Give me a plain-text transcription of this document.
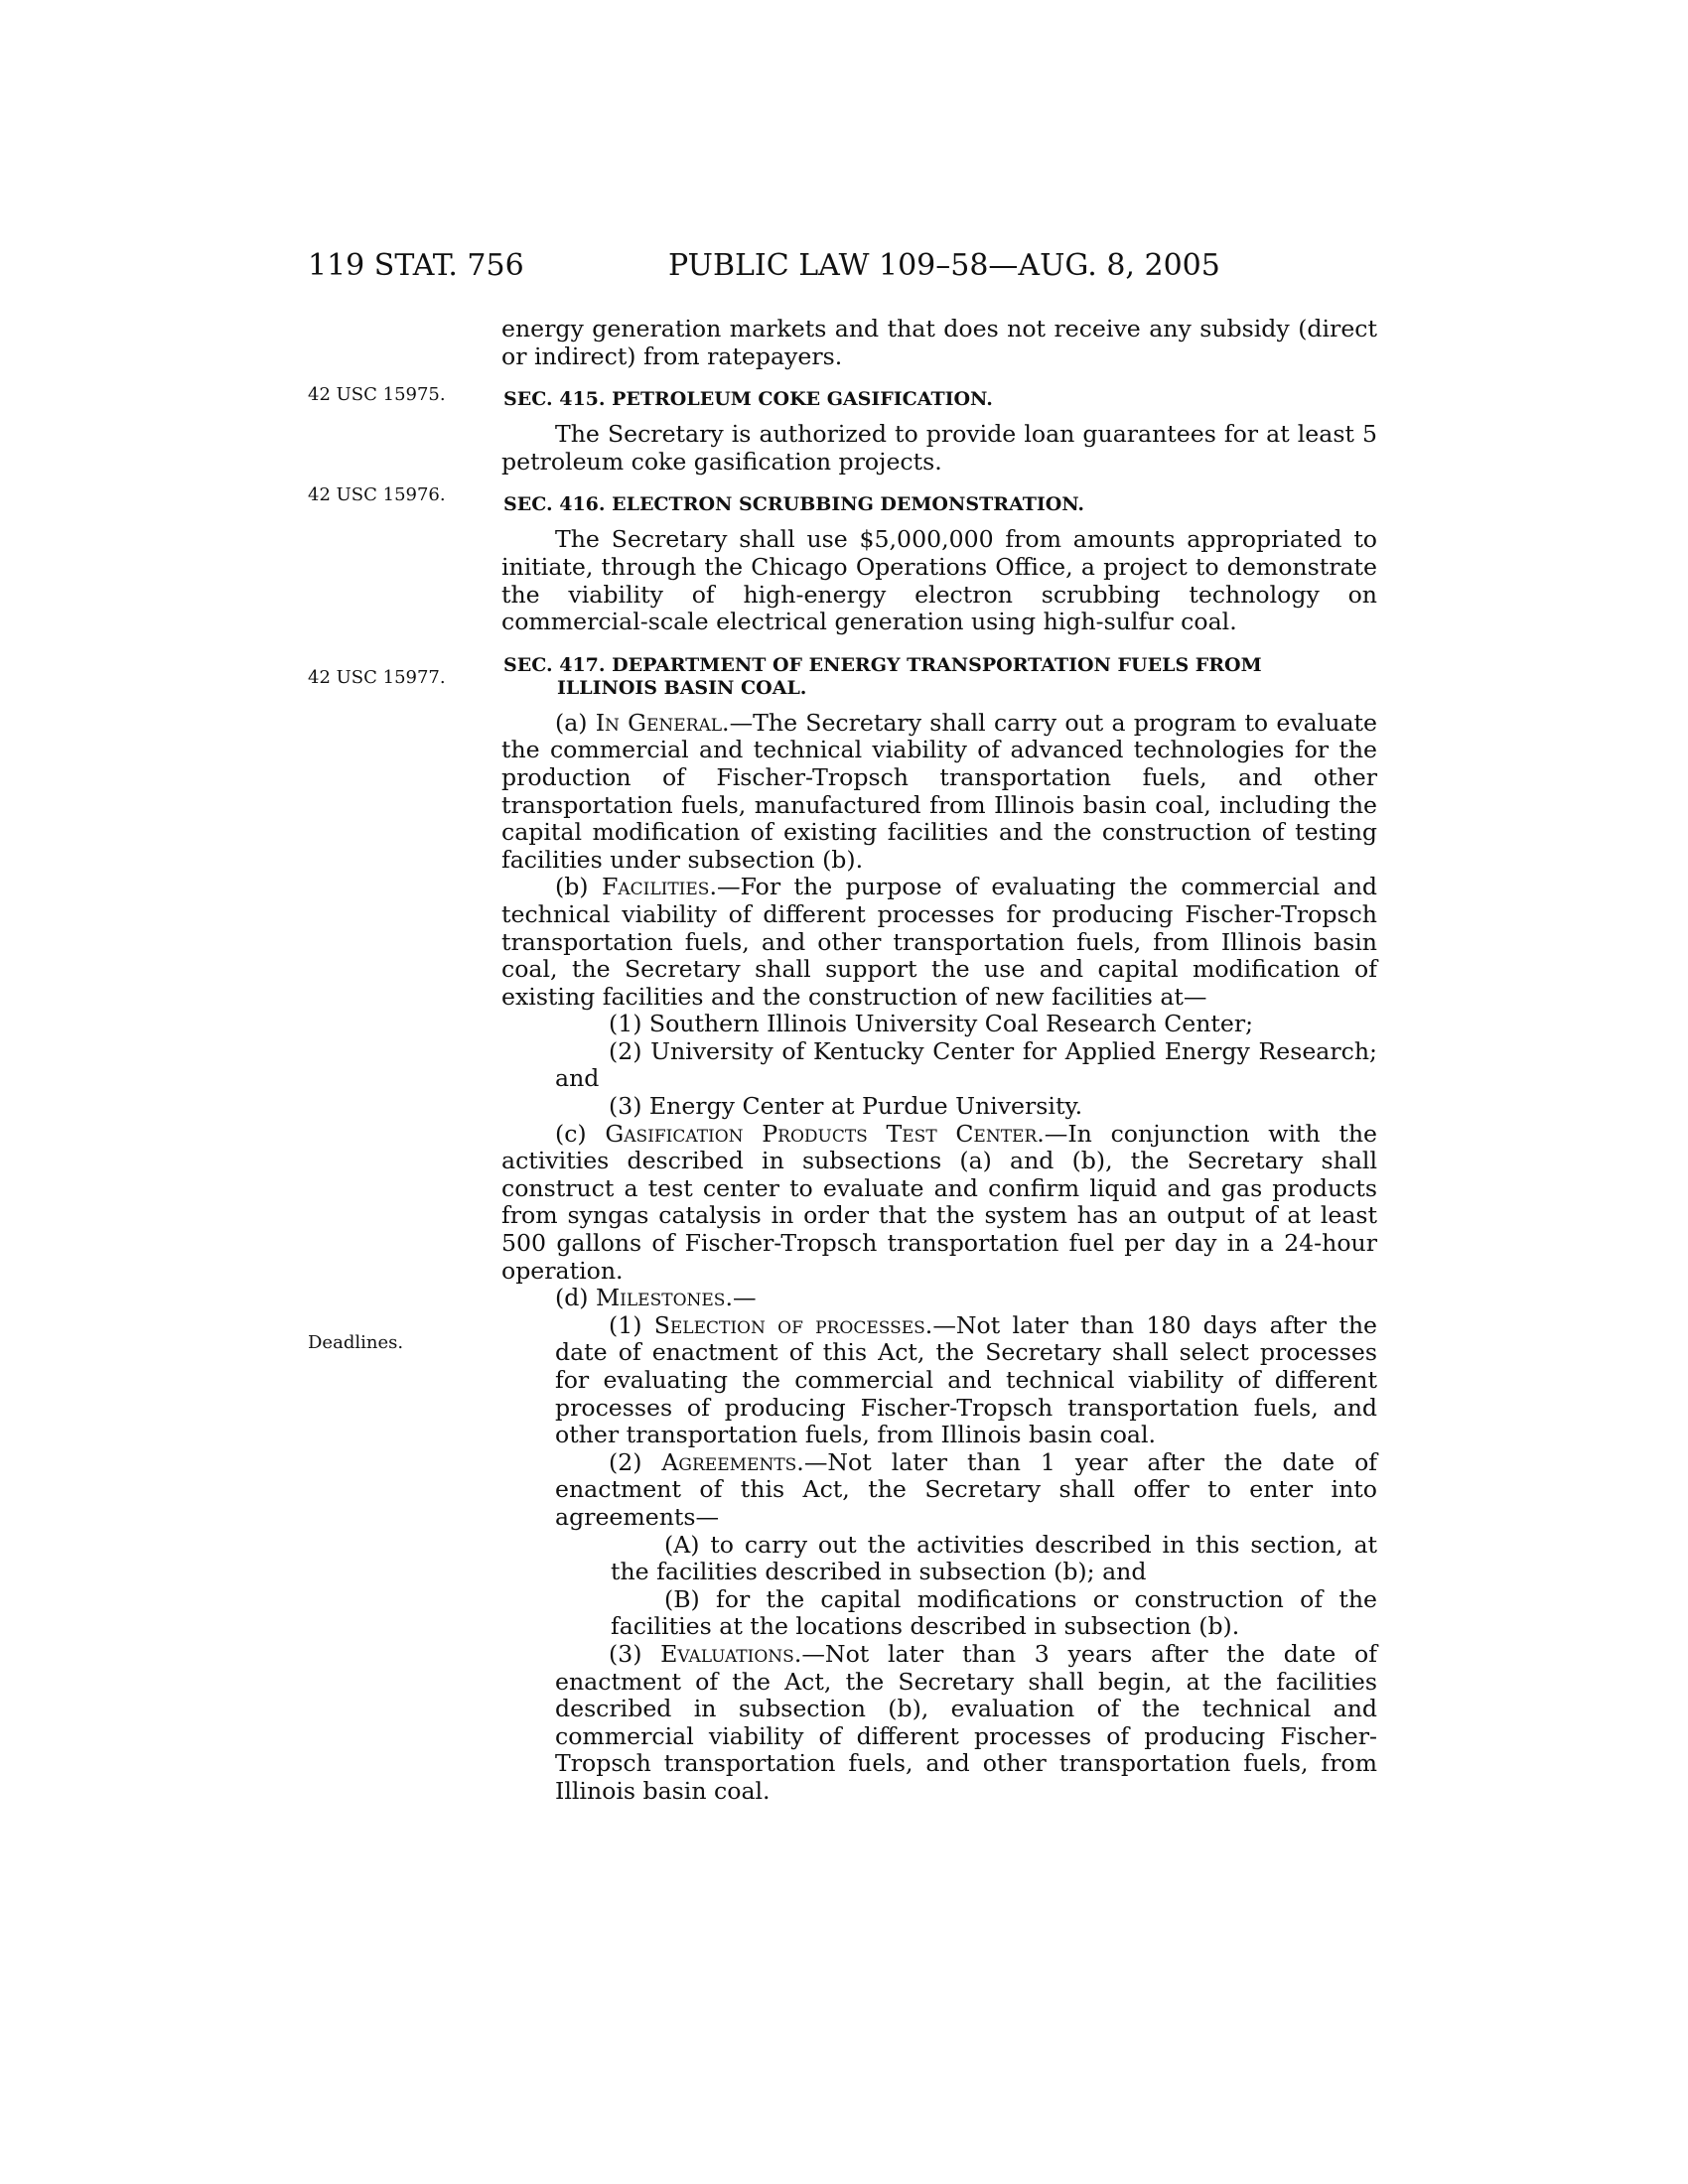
119 STAT. 756	PUBLIC LAW 109–58—AUG. 8, 2005
42 USC 15975.
42 USC 15976.
42 USC 15977.
Deadlines.

energy generation markets and that does not receive any subsidy (direct or indirect) from ratepayers.

SEC. 415. PETROLEUM COKE GASIFICATION.

The Secretary is authorized to provide loan guarantees for at least 5 petroleum coke gasification projects.

SEC. 416. ELECTRON SCRUBBING DEMONSTRATION.

The Secretary shall use $5,000,000 from amounts appropriated to initiate, through the Chicago Operations Office, a project to demonstrate the viability of high-energy electron scrubbing technology on commercial-scale electrical generation using high-sulfur coal.

SEC. 417. DEPARTMENT OF ENERGY TRANSPORTATION FUELS FROM
ILLINOIS BASIN COAL.

(a) In General.—The Secretary shall carry out a program to evaluate the commercial and technical viability of advanced technologies for the production of Fischer-Tropsch transportation fuels, and other transportation fuels, manufactured from Illinois basin coal, including the capital modification of existing facilities and the construction of testing facilities under subsection (b).

(b) Facilities.—For the purpose of evaluating the commercial and technical viability of different processes for producing Fischer-Tropsch transportation fuels, and other transportation fuels, from Illinois basin coal, the Secretary shall support the use and capital modification of existing facilities and the construction of new facilities at—

(1) Southern Illinois University Coal Research Center;

(2) University of Kentucky Center for Applied Energy Research; and

(3) Energy Center at Purdue University.

(c) Gasification Products Test Center.—In conjunction with the activities described in subsections (a) and (b), the Secretary shall construct a test center to evaluate and confirm liquid and gas products from syngas catalysis in order that the system has an output of at least 500 gallons of Fischer-Tropsch transportation fuel per day in a 24-hour operation.

(d) Milestones.—

(1) Selection of processes.—Not later than 180 days after the date of enactment of this Act, the Secretary shall select processes for evaluating the commercial and technical viability of different processes of producing Fischer-Tropsch transportation fuels, and other transportation fuels, from Illinois basin coal.

(2) Agreements.—Not later than 1 year after the date of enactment of this Act, the Secretary shall offer to enter into agreements—

(A) to carry out the activities described in this section, at the facilities described in subsection (b); and

(B) for the capital modifications or construction of the facilities at the locations described in subsection (b).

(3) Evaluations.—Not later than 3 years after the date of enactment of the Act, the Secretary shall begin, at the facilities described in subsection (b), evaluation of the technical and commercial viability of different processes of producing Fischer-Tropsch transportation fuels, and other transportation fuels, from Illinois basin coal.
